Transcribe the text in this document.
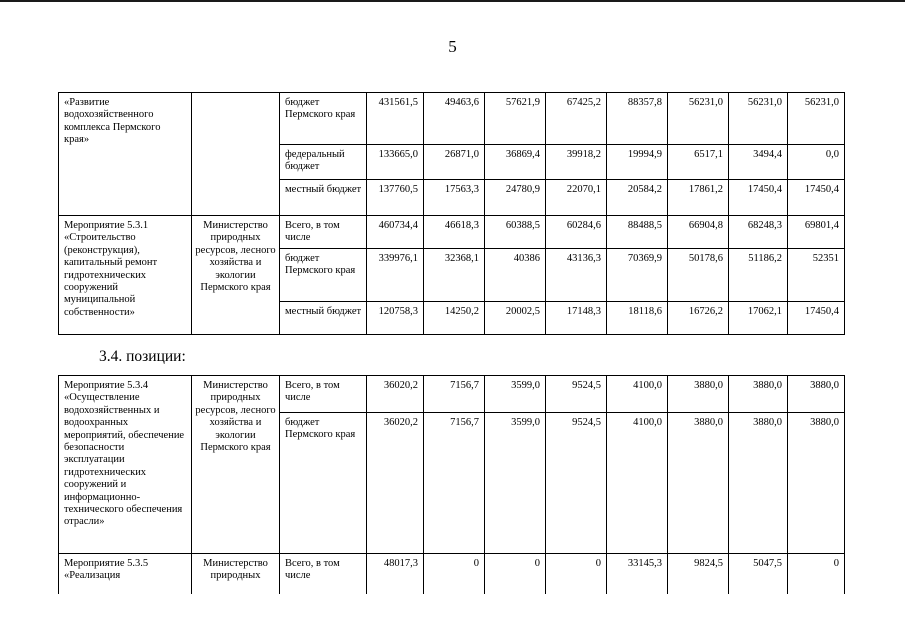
5
3.4. позиции:
«Развитие водохозяйственного комплекса Пермского края»		бюджет Пермского края	431561,5	49463,6	57621,9	67425,2	88357,8	56231,0	56231,0	56231,0
		федеральный бюджет	133665,0	26871,0	36869,4	39918,2	19994,9	6517,1	3494,4	0,0
		местный бюджет	137760,5	17563,3	24780,9	22070,1	20584,2	17861,2	17450,4	17450,4
Мероприятие 5.3.1 «Строительство (реконструкция), капитальный ремонт гидротехнических сооружений муниципальной собственности»	Министерство природных ресурсов, лесного хозяйства и экологии Пермского края	Всего, в том числе	460734,4	46618,3	60388,5	60284,6	88488,5	66904,8	68248,3	69801,4
		бюджет Пермского края	339976,1	32368,1	40386	43136,3	70369,9	50178,6	51186,2	52351
		местный бюджет	120758,3	14250,2	20002,5	17148,3	18118,6	16726,2	17062,1	17450,4
Мероприятие 5.3.4 «Осуществление водохозяйственных и водоохранных мероприятий, обеспечение безопасности эксплуатации гидротехнических сооружений и информационно-технического обеспечения отрасли»	Министерство природных ресурсов, лесного хозяйства и экологии Пермского края	Всего, в том числе	36020,2	7156,7	3599,0	9524,5	4100,0	3880,0	3880,0	3880,0
		бюджет Пермского края	36020,2	7156,7	3599,0	9524,5	4100,0	3880,0	3880,0	3880,0
Мероприятие 5.3.5 «Реализация	Министерство природных	Всего, в том числе	48017,3	0	0	0	33145,3	9824,5	5047,5	0
